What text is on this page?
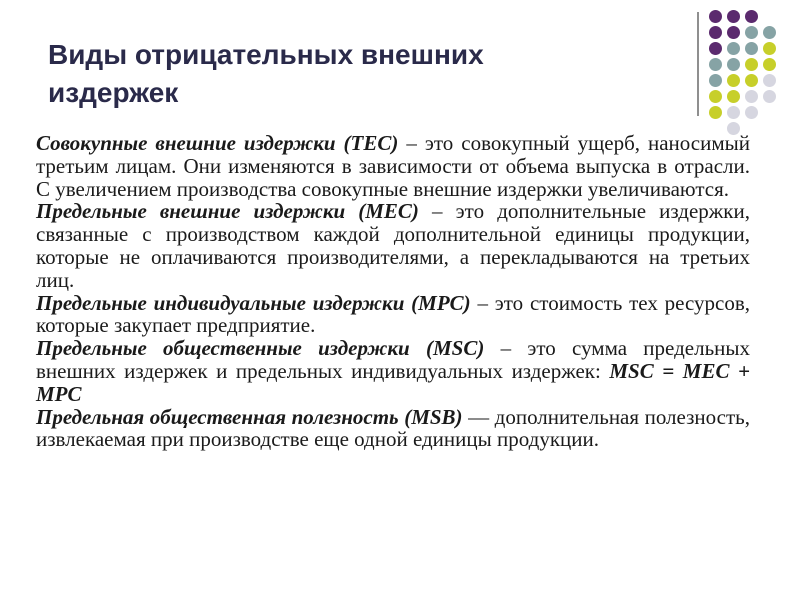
Виды отрицательных внешних издержек

Совокупные внешние издержки (TEC) – это совокупный ущерб, наносимый третьим лицам. Они изменяются в зависимости от объема выпуска в отрасли. С увеличением производства совокупные внешние издержки увеличиваются.

Предельные внешние издержки (MEC) – это дополнительные издержки, связанные с производством каждой дополнительной единицы продукции, которые не оплачиваются производителями, а перекладываются на третьих лиц.

Предельные индивидуальные издержки (MPC) – это стоимость тех ресурсов, которые закупает предприятие.

Предельные общественные издержки (MSC) – это сумма предельных внешних издержек и предельных индивидуальных издержек: MSC = MEC + MPC

Предельная общественная полезность (MSB) — дополнительная полезность, извлекаемая при производстве еще одной единицы продукции.
